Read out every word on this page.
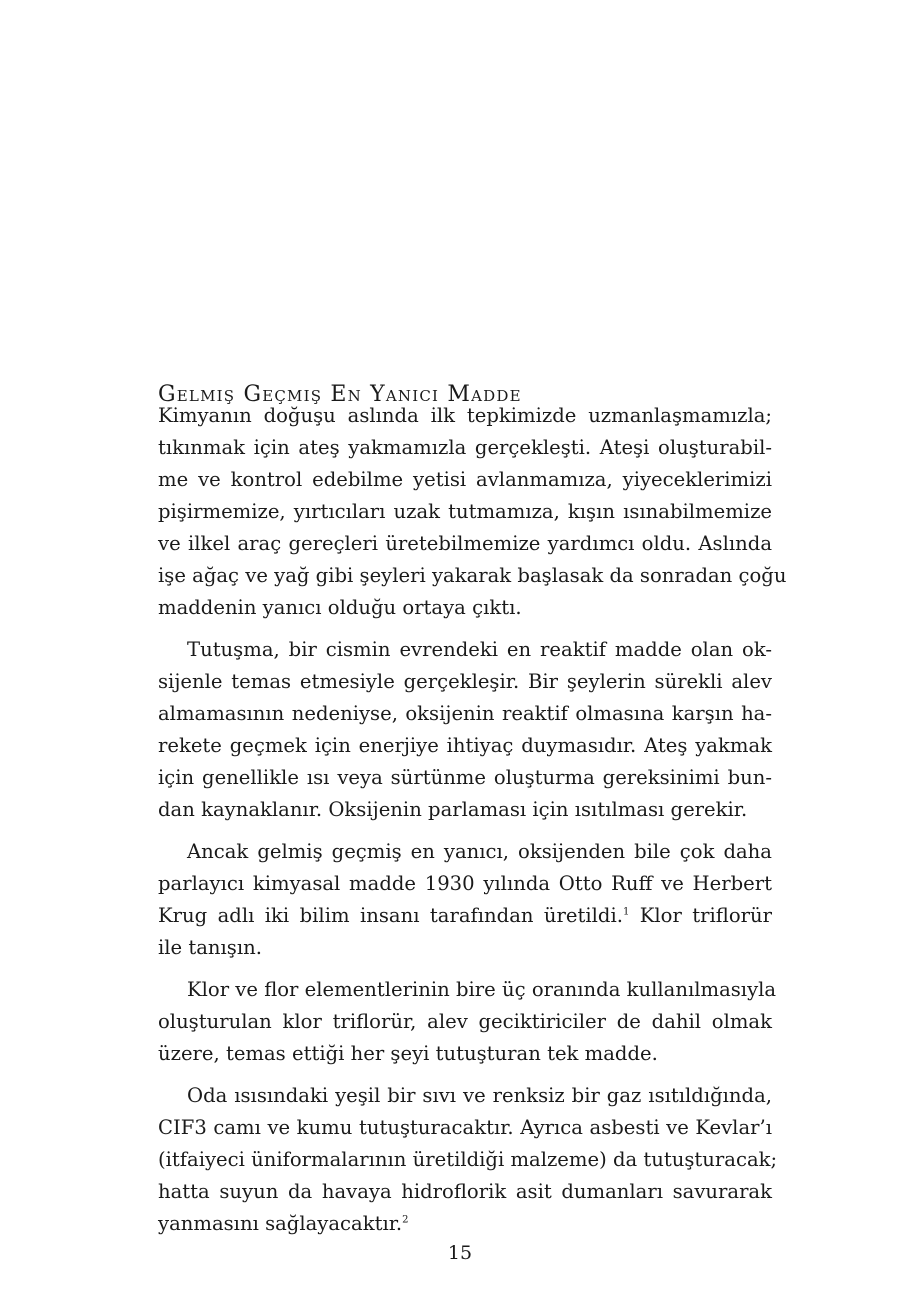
Gelmiş Geçmiş En Yanıcı Madde

Kimyanın doğuşu aslında ilk tepkimizde uzmanlaşmamızla;
tıkınmak için ateş yakmamızla gerçekleşti. Ateşi oluşturabil-
me ve kontrol edebilme yetisi avlanmamıza, yiyeceklerimizi
pişirmemize, yırtıcıları uzak tutmamıza, kışın ısınabilmemize
ve ilkel araç gereçleri üretebilmemize yardımcı oldu. Aslında
işe ağaç ve yağ gibi şeyleri yakarak başlasak da sonradan çoğu
maddenin yanıcı olduğu ortaya çıktı.

Tutuşma, bir cismin evrendeki en reaktif madde olan ok-
sijenle temas etmesiyle gerçekleşir. Bir şeylerin sürekli alev
almamasının nedeniyse, oksijenin reaktif olmasına karşın ha-
rekete geçmek için enerjiye ihtiyaç duymasıdır. Ateş yakmak
için genellikle ısı veya sürtünme oluşturma gereksinimi bun-
dan kaynaklanır. Oksijenin parlaması için ısıtılması gerekir.

Ancak gelmiş geçmiş en yanıcı, oksijenden bile çok daha
parlayıcı kimyasal madde 1930 yılında Otto Ruff ve Herbert
Krug adlı iki bilim insanı tarafından üretildi.$^1$ Klor triflorür
ile tanışın.

Klor ve flor elementlerinin bire üç oranında kullanılmasıyla
oluşturulan klor triflorür, alev geciktiriciler de dahil olmak
üzere, temas ettiği her şeyi tutuşturan tek madde.

Oda ısısındaki yeşil bir sıvı ve renksiz bir gaz ısıtıldığında,
CIF3 camı ve kumu tutuşturacaktır. Ayrıca asbesti ve Kevlar’ı
(itfaiyeci üniformalarının üretildiği malzeme) da tutuşturacak;
hatta suyun da havaya hidroflorik asit dumanları savurarak
yanmasını sağlayacaktır.$^2$

15
